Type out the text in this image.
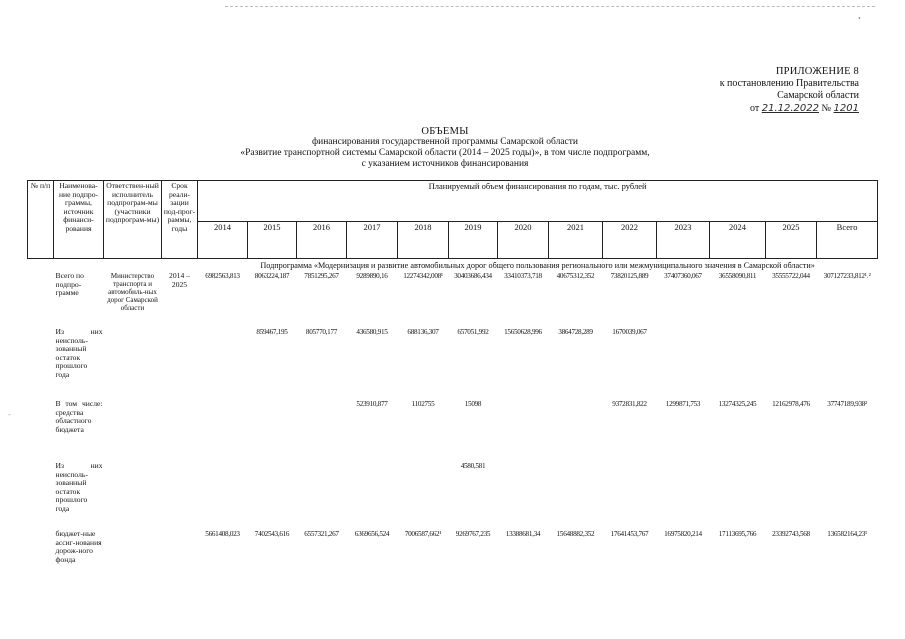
•
-
ПРИЛОЖЕНИЕ 8
к постановлению Правительства
Самарской области
от 21.12.2022 № 1201
ОБЪЕМЫ
финансирования государственной программы Самарской области
«Развитие транспортной системы Самарской области (2014 – 2025 годы)», в том числе подпрограмм,
с указанием источников финансирования
№ п/п	Наименова-ние подпро-граммы, источник финанси-рования	Ответствен-ный исполнитель подпрограм-мы (участники подпрограм-мы)	Срок реали-зации под-прог-раммы, годы	Планируемый объем финансирования по годам, тыс. рублей												
				2014	2015	2016	2017	2018	2019	2020	2021	2022	2023	2024	2025	Всего
				Подпрограмма «Модернизация и развитие автомобильных дорог общего пользования регионального или межмуниципального значения в Самарской области»												
	Всего по подпро-грамме	Министерство транспорта и автомобиль-ных дорог Самарской области	2014 – 2025	6982563,813	8063224,187	7851295,267	9289890,16	12274342,008¹	30403686,434	33410373,718	40675312,352	73820125,889	37407360,067	36558090,811	35555722,044	307127233,812¹˒²
	Из них неисполь-зованный остаток прошлого года				859467,195	805770,177	436580,915	688136,307	657051,992	15650628,996	3864728,289	1670039,067				
	В том числе: средства областного бюджета						523910,877	1102755	15098			9372831,822	1299871,753	13274325,245	12162978,476	37747189,938²
	Из них неисполь-зованный остаток прошлого года								4580,581							
	бюджет-ные ассиг-нования дорож-ного фонда			5661408,023	7402543,616	6557321,267	6369656,524	7006587,662¹	9269767,235	13388681,34	15648882,352	17641453,767	16975820,214	17113695,766	23392743,568	136582164,23¹
